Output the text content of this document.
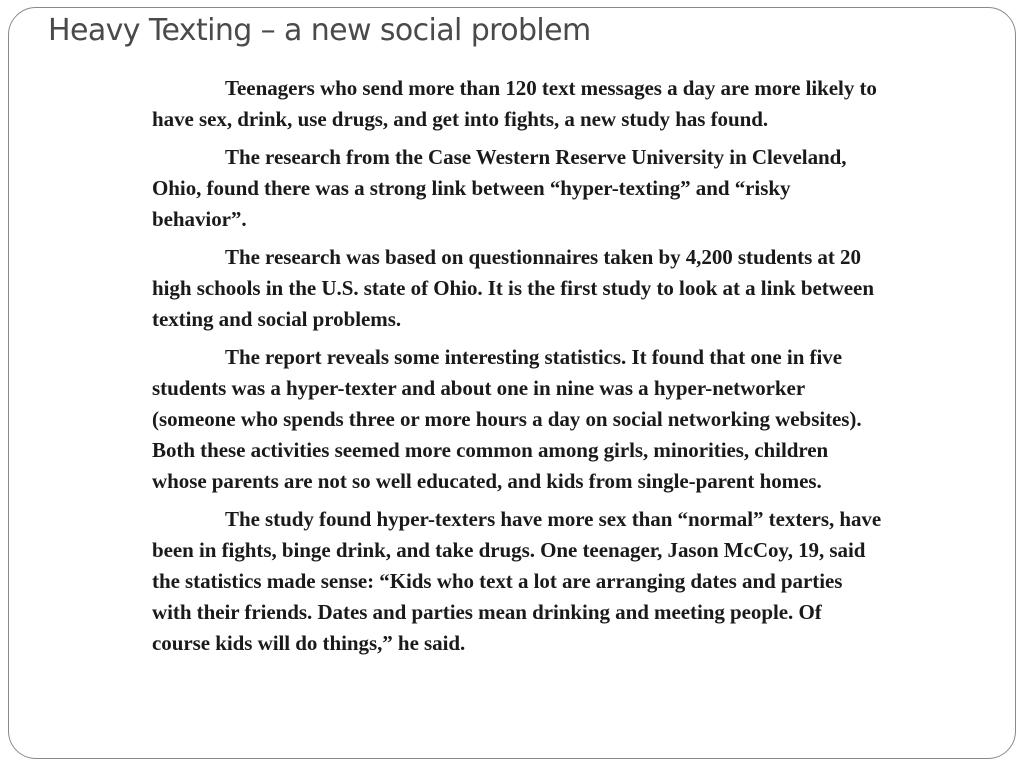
Heavy Texting – a new social problem

Teenagers who send more than 120 text messages a day are more likely to have sex, drink, use drugs, and get into fights, a new study has found.

The research from the Case Western Reserve University in Cleveland, Ohio, found there was a strong link between “hyper-texting” and “risky behavior”.

The research was based on questionnaires taken by 4,200 students at 20 high schools in the U.S. state of Ohio. It is the first study to look at a link between texting and social problems.

The report reveals some interesting statistics. It found that one in five students was a hyper-texter and about one in nine was a hyper-networker (someone who spends three or more hours a day on social networking websites). Both these activities seemed more common among girls, minorities, children whose parents are not so well educated, and kids from single-parent homes.

The study found hyper-texters have more sex than “normal” texters, have been in fights, binge drink, and take drugs. One teenager, Jason McCoy, 19, said the statistics made sense: “Kids who text a lot are arranging dates and parties with their friends. Dates and parties mean drinking and meeting people. Of course kids will do things,” he said.
